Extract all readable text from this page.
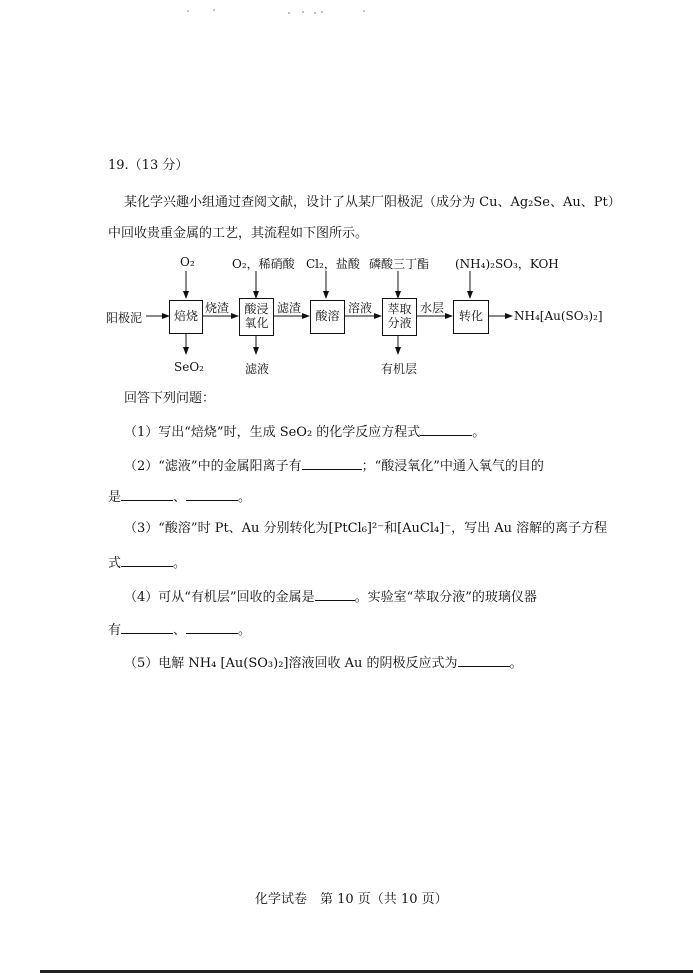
19.（13 分）
某化学兴趣小组通过查阅文献，设计了从某厂阳极泥（成分为 Cu、Ag₂Se、Au、Pt）
中回收贵重金属的工艺，其流程如下图所示。
阳极泥	焙烧	酸浸
氧化	酸溶	萃取
分液	转化
O₂	O₂，稀硝酸 Cl₂，盐酸 磷酸三丁酯 (NH₄)₂SO₃，KOH
烧渣	滤渣	溶液	水层
SeO₂	滤液	有机层
NH₄[Au(SO₃)₂]
回答下列问题：
（1）写出“焙烧”时，生成 SeO₂ 的化学反应方程式	。
（2）“滤液”中的金属阳离子有	；“酸浸氧化”中通入氧气的目的
是	、	。
（3）“酸溶”时 Pt、Au 分别转化为[PtCl₆]²⁻和[AuCl₄]⁻，写出 Au 溶解的离子方程
式	。
（4）可从“有机层”回收的金属是	。实验室“萃取分液”的玻璃仪器
有	、	。
（5）电解 NH₄ [Au(SO₃)₂]溶液回收 Au 的阴极反应式为	。
化学试卷　第 10 页（共 10 页）
